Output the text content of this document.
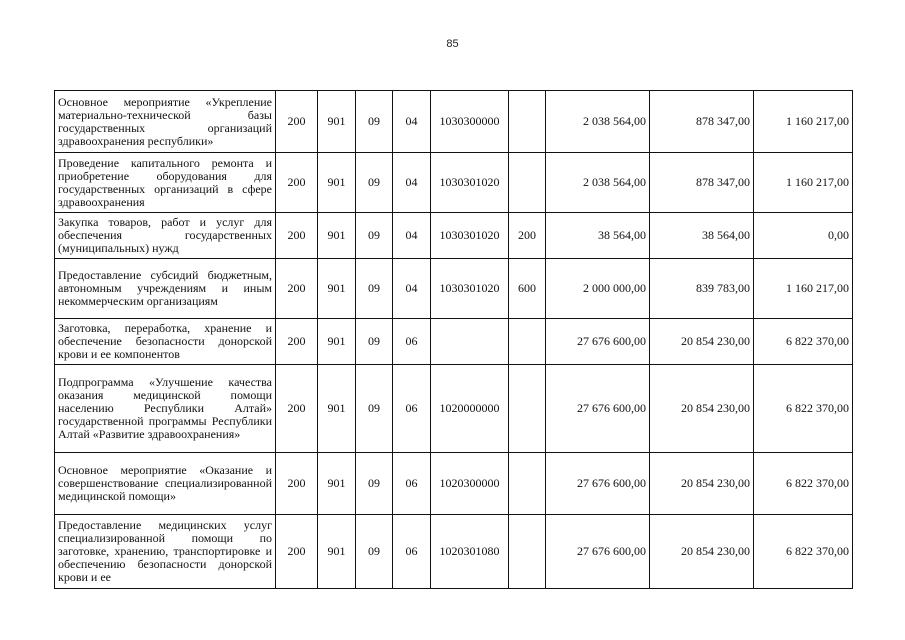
85
Основное мероприятие «Укрепление материально-технической базы государственных организаций здравоохранения республики»	200	901	09	04	1030300000		2 038 564,00	878 347,00	1 160 217,00
Проведение капитального ремонта и приобретение оборудования для государственных организаций в сфере здравоохранения	200	901	09	04	1030301020		2 038 564,00	878 347,00	1 160 217,00
Закупка товаров, работ и услуг для обеспечения государственных (муниципальных) нужд	200	901	09	04	1030301020	200	38 564,00	38 564,00	0,00
Предоставление субсидий бюджетным, автономным учреждениям и иным некоммерческим организациям	200	901	09	04	1030301020	600	2 000 000,00	839 783,00	1 160 217,00
Заготовка, переработка, хранение и обеспечение безопасности донорской крови и ее компонентов	200	901	09	06			27 676 600,00	20 854 230,00	6 822 370,00
Подпрограмма «Улучшение качества оказания медицинской помощи населению Республики Алтай» государственной программы Республики Алтай «Развитие здравоохранения»	200	901	09	06	1020000000		27 676 600,00	20 854 230,00	6 822 370,00
Основное мероприятие «Оказание и совершенствование специализированной медицинской помощи»	200	901	09	06	1020300000		27 676 600,00	20 854 230,00	6 822 370,00
Предоставление медицинских услуг специализированной помощи по заготовке, хранению, транспортировке и обеспечению безопасности донорской крови и ее	200	901	09	06	1020301080		27 676 600,00	20 854 230,00	6 822 370,00
